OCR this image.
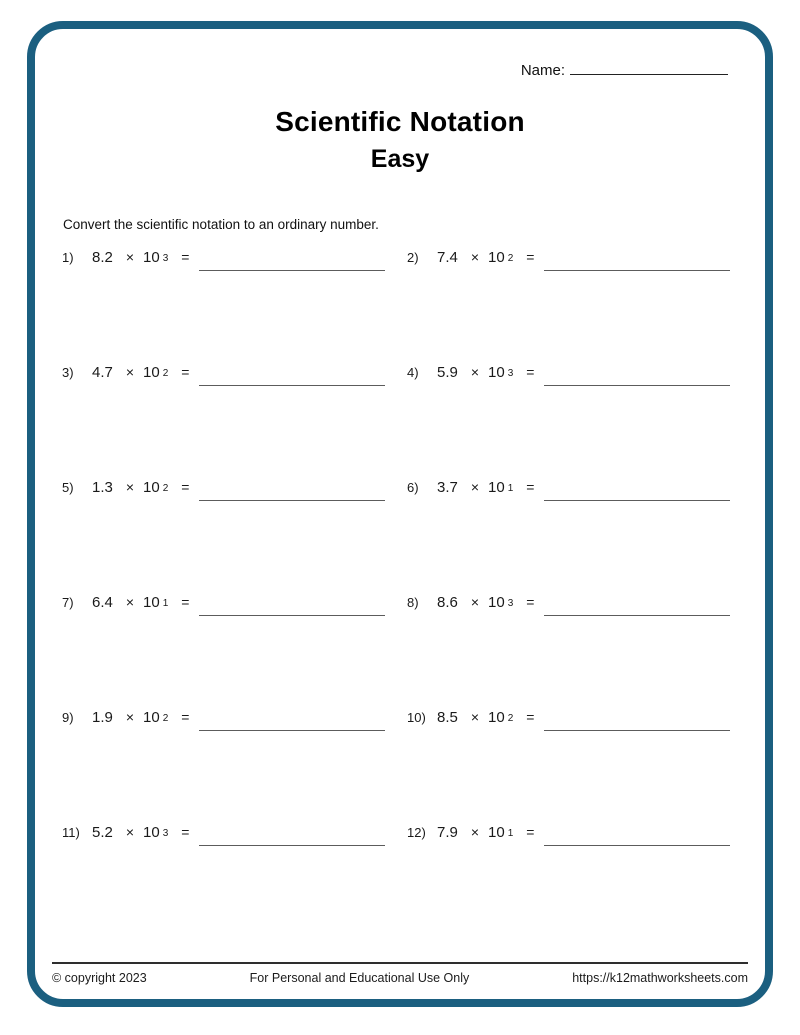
Name:
Scientific Notation
Easy
Convert the scientific notation to an ordinary number.
1)	8.2 × 10 $^3$ =	2)	7.4 × 10 $^2$ =
3)	4.7 × 10 $^2$ =	4)	5.9 × 10 $^3$ =
5)	1.3 × 10 $^2$ =	6)	3.7 × 10 $^1$ =
7)	6.4 × 10 $^1$ =	8)	8.6 × 10 $^3$ =
9)	1.9 × 10 $^2$ =	10) 8.5 × 10 $^2$ =
11) 5.2 × 10 $^3$ =	12) 7.9 × 10 $^1$ =
© copyright 2023	For Personal and Educational Use Only	https://k12mathworksheets.com
